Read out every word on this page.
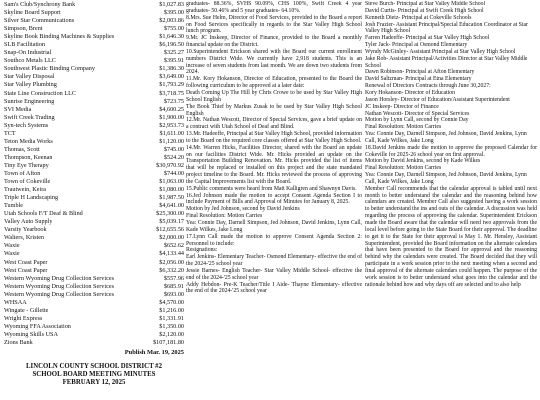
Sam's Club/Synchrony Bank	$1,027.83
Skyline Board Support	$395.00
Silver Star Communications	$2,003.86
Simpson, Brent	$755.00
Skyline Book Binding Machines & Supplies	$1,646.30
SLB Facilitation	$6,196.50
Snap-On Industrial	$325.27
Southco Metals LLC	$395.91
Southwest Plastic Binding Company	$1,386.30
Star Valley Disposal	$3,649.00
Star Valley Plumbing	$1,793.29
State Line Construction LLC	$3,718.75
Sunrise Engineering	$723.75
SVI Media	$4,600.25
Swift Creek Trading	$1,900.00
Syn-tech Systems	$2,953.73
TCT	$1,611.00
Teton Media Works	$1,120.00
Thomas, Scott	$745.00
Thompson, Keenan	$524.20
Tiny Eye Therapy	$30,970.92
Town of Afton	$744.00
Town of Cokeville	$1,063.00
Trautwein, Keira	$1,080.00
Triple H Landscaping	$1,987.50
Tumble	$4,641.00
Utah Schools F/T Deaf & Blind	$25,300.00
Valley Auto Supply	$5,039.17
Varsity Yearbook	$12,655.56
Walters, Kristen	$2,000.00
Waxie	$652.62
Waxie	$4,133.44
West Coast Paper	$2,056.00
West Coast Paper	$6,332.20
Western Wyoming Drug Collection Services	$557.96
Western Wyoming Drug Collection Services	$685.91
Western Wyoming Drug Collection Services	$693.00
WHSAA	$4,570.00
Wingate - Gillette	$1,216.00
Wright Express	$1,331.91
Wyoming FFA Association	$1,350.00
Wyoming Skills USA	$2,120.00
Zions Bank	$107,181.80
Publish Mar. 19, 2025
LINCOLN COUNTY SCHOOL DISTRICT #2
SCHOOL BOARD MEETING MINUTES
FEBRUARY 12, 2025

graduates- 88.36%, SVHS 90.09%, CHS 100%, Swift Creek 4 year graduates- 50.46% and 5 year graduates- 64.10%.

8.Mrs. Sue Helm, Director of Food Services, provided to the Board a report on Food Services specifically in regards to the Star Valley High School lunch program.

9.Mr. JC Inskeep, Director of Finance, provided to the Board a monthly financial update on the District.

10.Superintendent Erickson shared with the Board our current enrollment numbers District Wide. We currently have 2,918 students. This is an increase of seven students from last month. We are down two students from 2024.

11.Mr. Kory Hokanson, Director of Education, presented to the Board the following curriculum to be approved at a later date:

Death Coming Up The Hill by Chris Crowe to be used by Star Valley High School English

The Book Thief by Markus Zusak to be used by Star Valley High School English

12.Mr. Nathan Wescott, Director of Special Services, gave a brief update on a contract with Utah School of Deaf and Blind.

13.Mr. Hadeeffe, Principal at Star Valley High School, provided information to the Board on the required core classes offered at Star Valley High School.

14.Mr. Warren Hicks, Facilities Director, shared with the Board an update on our facilities District Wide. Mr. Hicks provided an update on the Transportation Building Renovation. Mr. Hicks provided the list of items that will be replaced or installed on this project and the state mandated project timeline to the Board. Mr. Hicks reviewed the process of approving the Capital Improvements list with the Board.

15.Public comments were heard from Matt Kalligren and Shawnyn Davis.

16.Jed Johnson made the motion to accept Consent Agenda Section I to include Payment of Bills and Approval of Minutes for January 8, 2025.

Motion by Jed Johnson, second by David Jenkins

Final Resolution: Motion Carries

Yea: Connie Day, Darnell Simpson, Jed Johnson, David Jenkins, Lynn Call, Kade Wilkes, Jake Long

17.Lynn Call made the motion to approve Consent Agenda Section 2: Personnel to include:

Resignations:

Earl Jenkins- Elementary Teacher- Osmond Elementary- effective the end of the 2024-'25 school year

Jessie Barnes- English Teacher- Star Valley Middle School- effective the end of the 2024-'25 school year

Addy Hebdon- Pre-K Teacher/Title I Aide- Thayne Elementary- effective the end of the 2024-'25 school year

Steve Burch- Principal at Star Valley Middle School

David Curtis- Principal at Swift Creek High School

Kenneth Dietz- Principal at Cokeville Schools

Josh Frazier- Assistant Principal/Special Education Coordinator at Star Valley High School

Farren Hadeeffe- Principal at Star Valley High School

Tyler Jack- Principal at Osmond Elementary

Wyndy McGinley- Assistant Principal at Star Valley High School

Jake Rob- Assistant Principal/Activities Director at Star Valley Middle School

Dawn Robinson- Principal at Afton Elementary

David Saltzman- Principal at Etna Elementary

Renewal of Directors Contracts through June 30,2027:

Kory Hokanson- Director of Education

Jason Horsley- Director of Education/Assistant Superintendent

JC Inskeep- Director of Finance

Nathan Wescott- Director of Special Services

Motion by Lynn Call, second by Connie Day

Final Resolution: Motion Carries

Yea: Connie Day, Darnell Simpson, Jed Johnson, David Jenkins, Lynn Call, Kade Wilkes, Jake Long

18.David Jenkins made the motion to approve the proposed Calendar for Cokeville for 2025-26 school year on first approval.

Motion by David Jenkins, second by Kade Wilkes

Final Resolution: Motion Carries

Yea: Connie Day, Darnell Simpson, Jed Johnson, David Jenkins, Lynn Call, Kade Wilkes, Jake Long

Member Call recommends that the calendar approval is tabled until next month to better understand the calendar and the reasoning behind how calendars are created. Member Call also suggested having a work session to better understand the ins and outs of the calendar. A discussion was held regarding the process of approving the calendar. Superintendent Erickson made the Board aware that the calendar will need two approvals from the local level before going to the State Board for their approval. The deadline to get it to the State for their approval is May 1. Mr. Hensley, Assistant Superintendent, provided the Board information on the alternate calendars that have been presented to the Board for approval and the reasoning behind why the calendars were created. The Board decided that they will participate in a work session prior to the next meeting when a second and final approval of the alternate calendars could happen. The purpose of the work session is to better understand what goes into the calendar and the rationale behind how and why days off are selected and to also help
